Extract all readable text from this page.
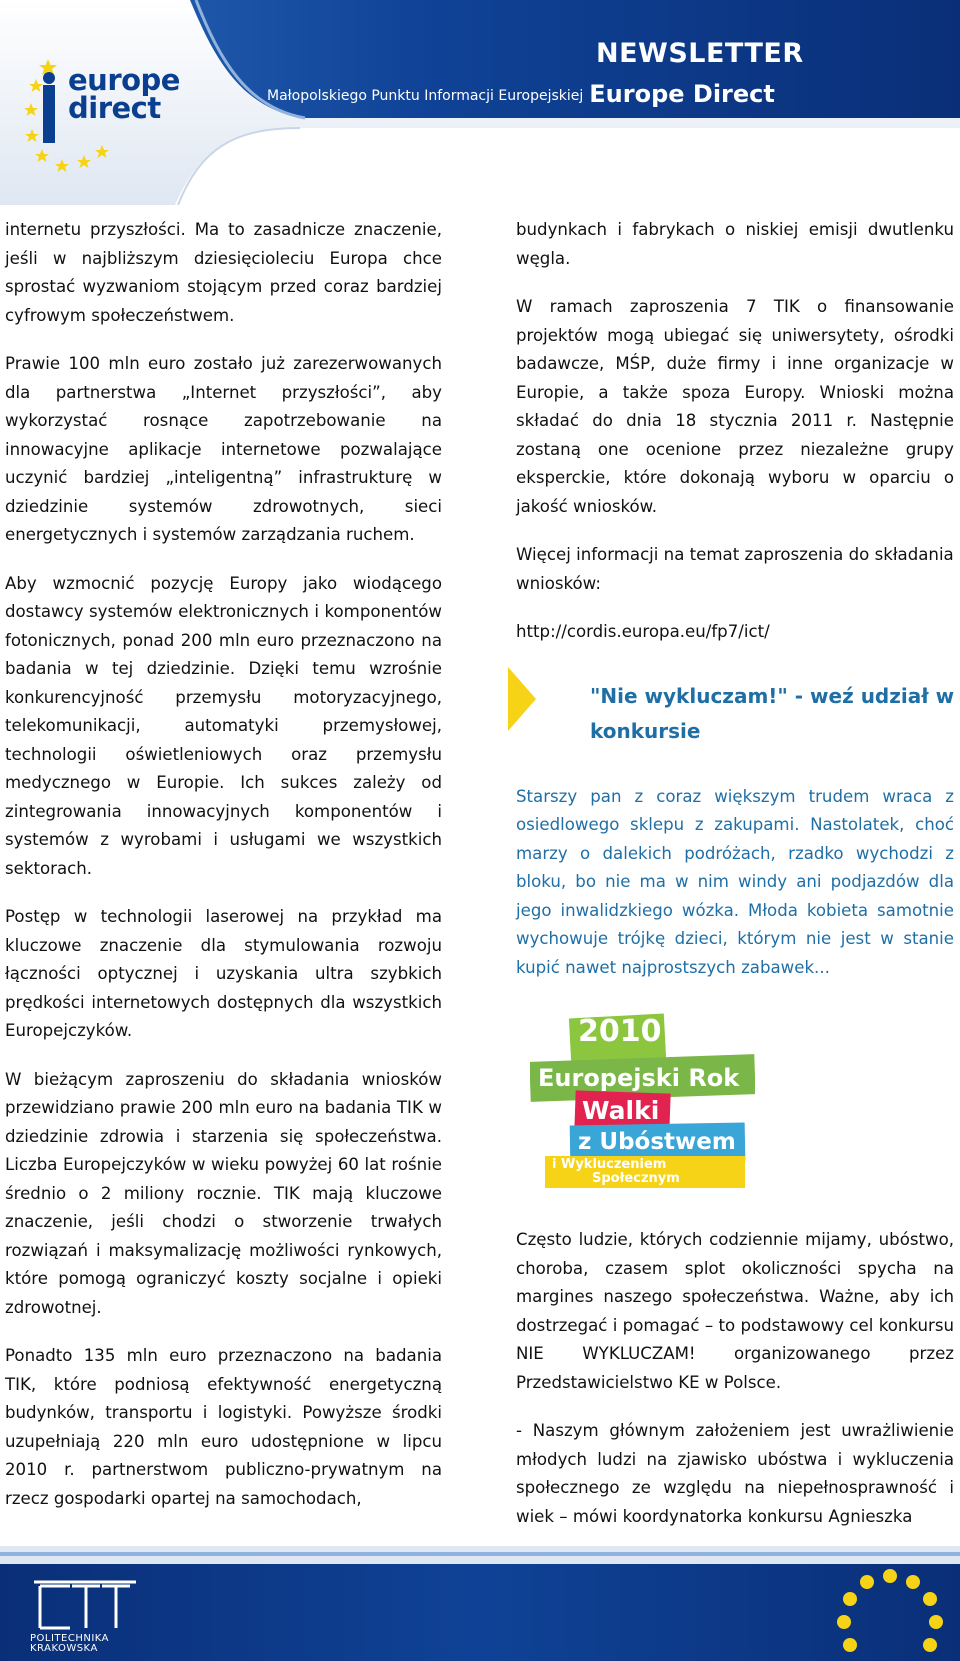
europe
direct
NEWSLETTER
Małopolskiego Punktu Informacji Europejskiej Europe Direct

internetu przyszłości. Ma to zasadnicze znaczenie, jeśli w najbliższym dziesięcioleciu Europa chce sprostać wyzwaniom stojącym przed coraz bardziej cyfrowym społeczeństwem.

Prawie 100 mln euro zostało już zarezerwowanych dla partnerstwa „Internet przyszłości”, aby wykorzystać rosnące zapotrzebowanie na innowacyjne aplikacje internetowe pozwalające uczynić bardziej „inteligentną” infrastrukturę w dziedzinie systemów zdrowotnych, sieci energetycznych i systemów zarządzania ruchem.

Aby wzmocnić pozycję Europy jako wiodącego dostawcy systemów elektronicznych i komponentów fotonicznych, ponad 200 mln euro przeznaczono na badania w tej dziedzinie. Dzięki temu wzrośnie konkurencyjność przemysłu motoryzacyjnego, telekomunikacji, automatyki przemysłowej, technologii oświetleniowych oraz przemysłu medycznego w Europie. Ich sukces zależy od zintegrowania innowacyjnych komponentów i systemów z wyrobami i usługami we wszystkich sektorach.

Postęp w technologii laserowej na przykład ma kluczowe znaczenie dla stymulowania rozwoju łączności optycznej i uzyskania ultra szybkich prędkości internetowych dostępnych dla wszystkich Europejczyków.

W bieżącym zaproszeniu do składania wniosków przewidziano prawie 200 mln euro na badania TIK w dziedzinie zdrowia i starzenia się społeczeństwa. Liczba Europejczyków w wieku powyżej 60 lat rośnie średnio o 2 miliony rocznie. TIK mają kluczowe znaczenie, jeśli chodzi o stworzenie trwałych rozwiązań i maksymalizację możliwości rynkowych, które pomogą ograniczyć koszty socjalne i opieki zdrowotnej.

Ponadto 135 mln euro przeznaczono na badania TIK, które podniosą efektywność energetyczną budynków, transportu i logistyki. Powyższe środki uzupełniają 220 mln euro udostępnione w lipcu 2010 r. partnerstwom publiczno-prywatnym na rzecz gospodarki opartej na samochodach,

budynkach i fabrykach o niskiej emisji dwutlenku węgla.

W ramach zaproszenia 7 TIK o finansowanie projektów mogą ubiegać się uniwersytety, ośrodki badawcze, MŚP, duże firmy i inne organizacje w Europie, a także spoza Europy. Wnioski można składać do dnia 18 stycznia 2011 r. Następnie zostaną one ocenione przez niezależne grupy eksperckie, które dokonają wyboru w oparciu o jakość wniosków.

Więcej informacji na temat zaproszenia do składania wniosków:

http://cordis.europa.eu/fp7/ict/

"Nie wykluczam!" - weź udział w konkursie

Starszy pan z coraz większym trudem wraca z osiedlowego sklepu z zakupami. Nastolatek, choć marzy o dalekich podróżach, rzadko wychodzi z bloku, bo nie ma w nim windy ani podjazdów dla jego inwalidzkiego wózka. Młoda kobieta samotnie wychowuje trójkę dzieci, którym nie jest w stanie kupić nawet najprostszych zabawek...

2010
Europejski Rok
Walki
z Ubóstwem
i Wykluczeniem
Społecznym

Często ludzie, których codziennie mijamy, ubóstwo, choroba, czasem splot okoliczności spycha na margines naszego społeczeństwa. Ważne, aby ich dostrzegać i pomagać – to podstawowy cel konkursu NIE WYKLUCZAM! organizowanego przez Przedstawicielstwo KE w Polsce.

- Naszym głównym założeniem jest uwrażliwienie młodych ludzi na zjawisko ubóstwa i wykluczenia społecznego ze względu na niepełnosprawność i wiek – mówi koordynatorka konkursu Agnieszka

POLITECHNIKA
KRAKOWSKA
